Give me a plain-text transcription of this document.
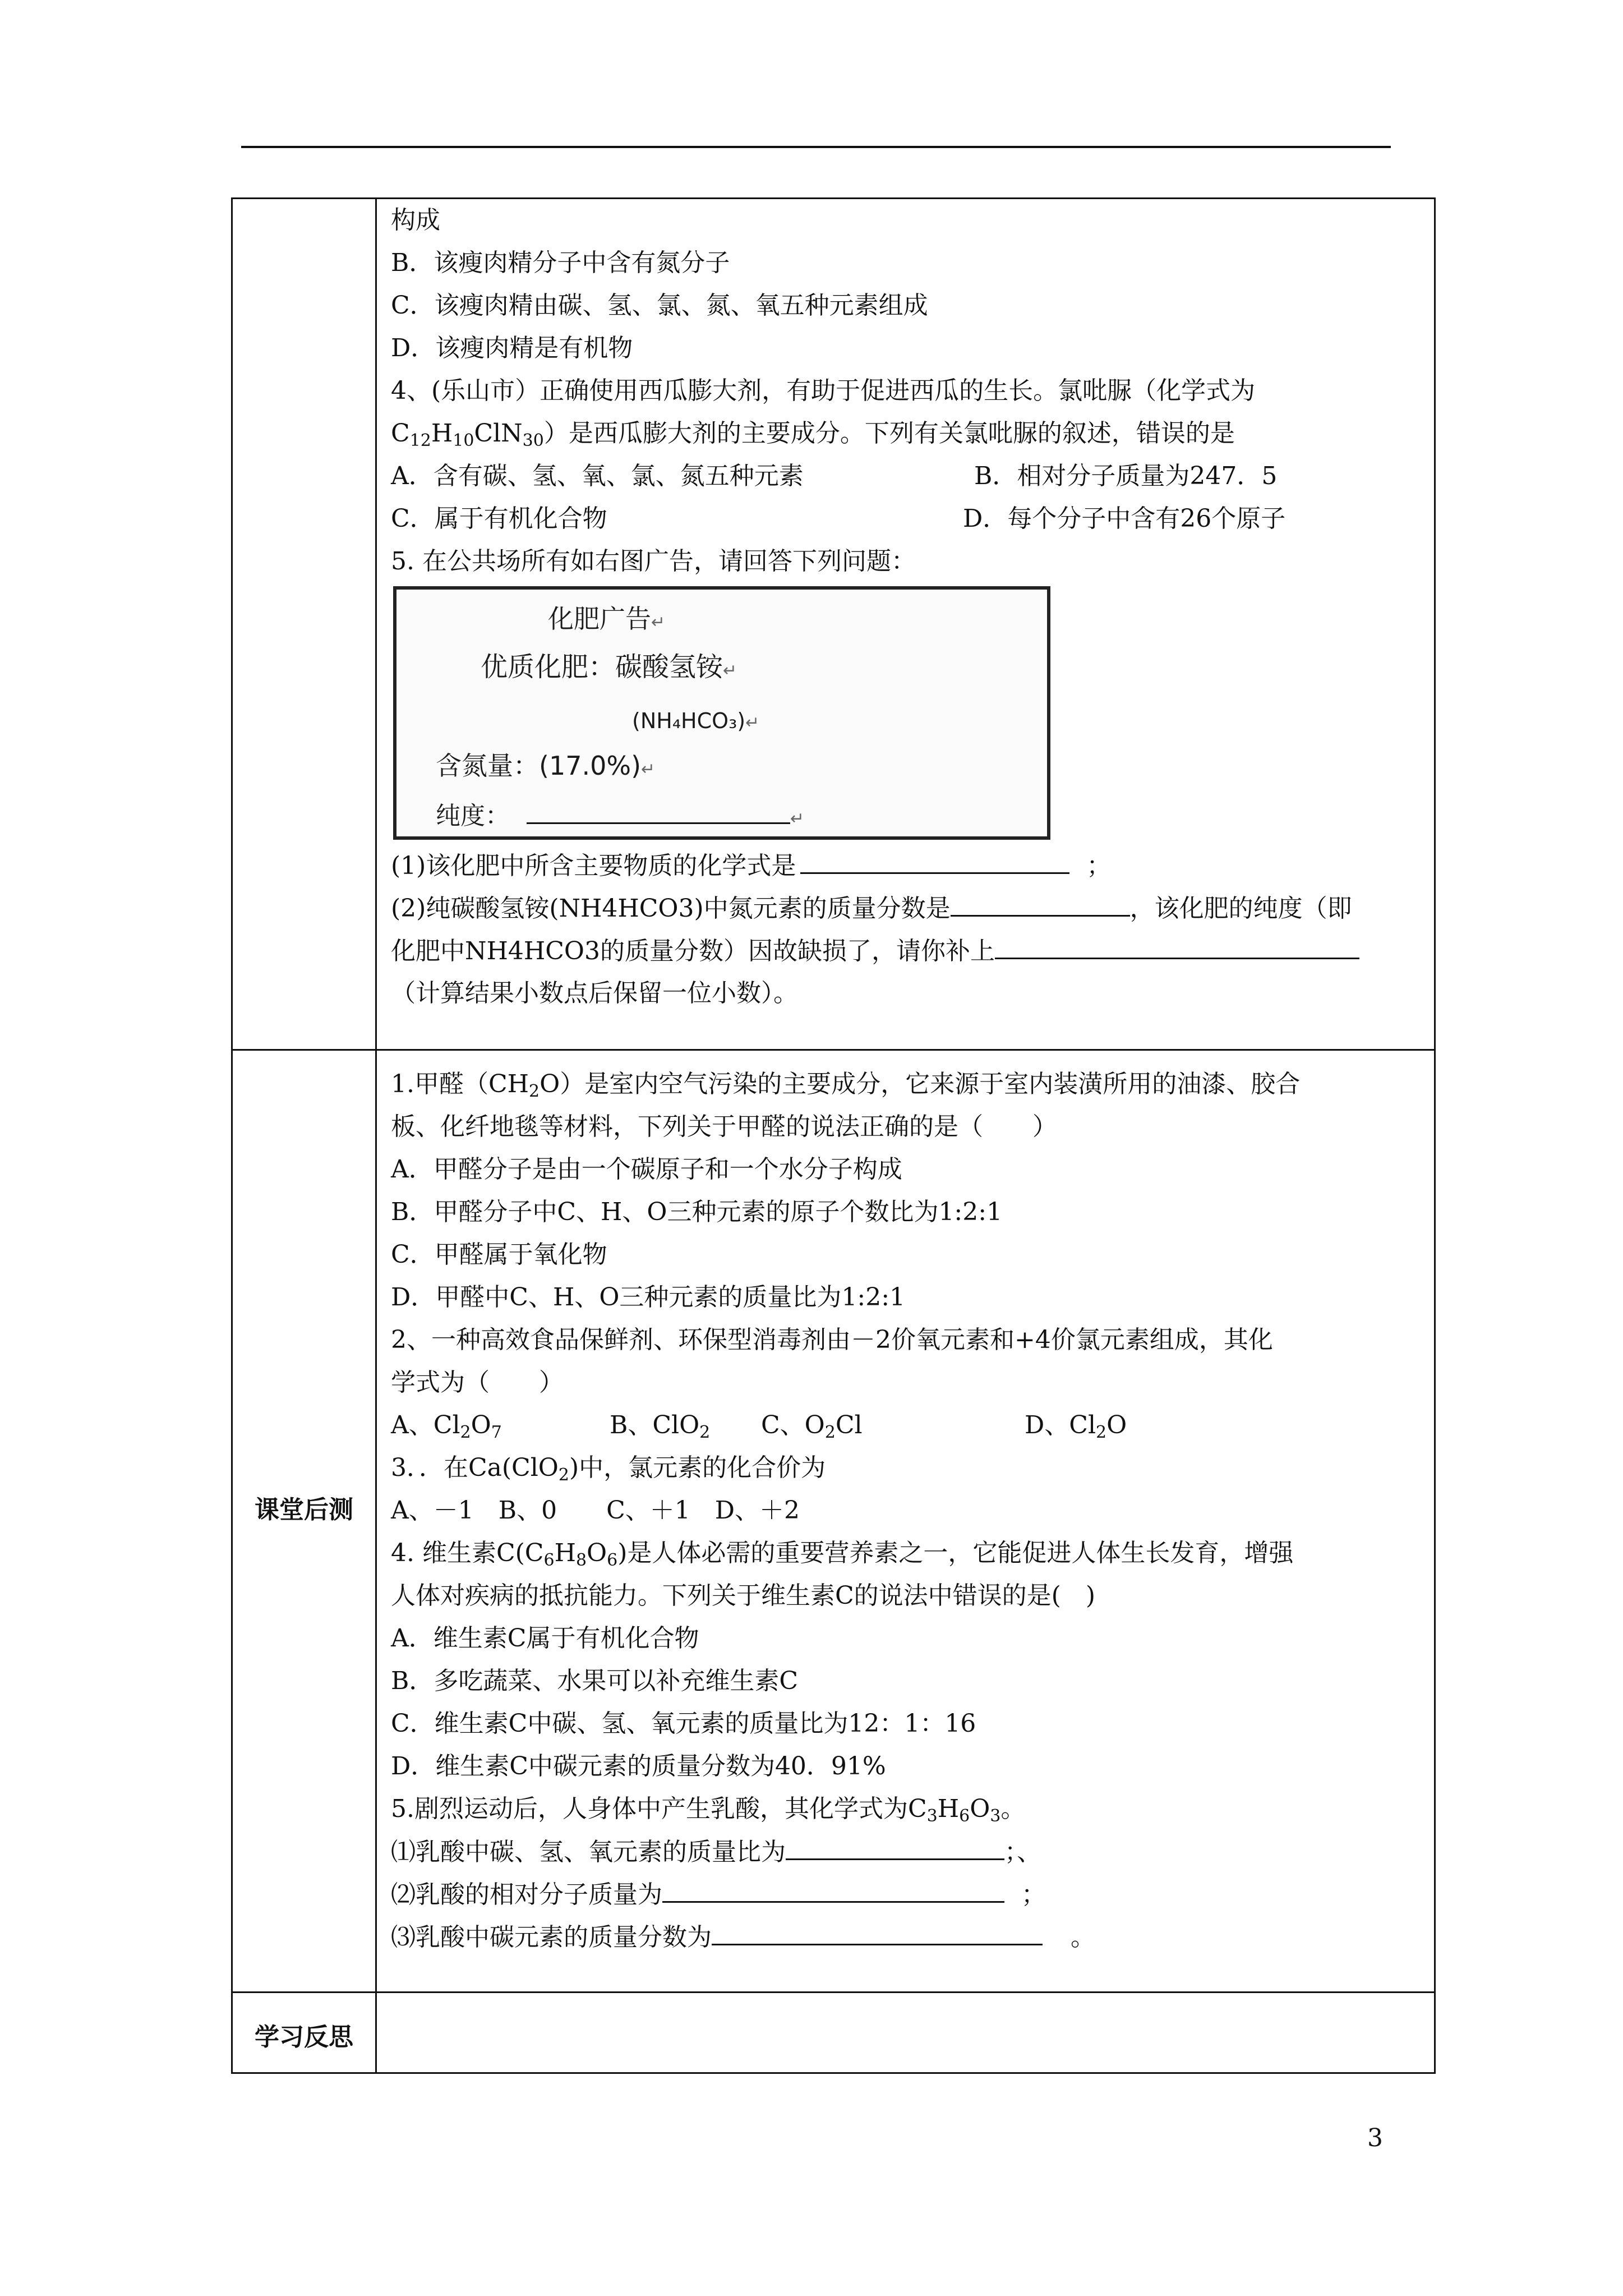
构成
B．该瘦肉精分子中含有氮分子
C．该瘦肉精由碳、氢、氯、氮、氧五种元素组成
D．该瘦肉精是有机物
4、(乐山市）正确使用西瓜膨大剂，有助于促进西瓜的生长。氯吡脲（化学式为
$C_{12}H_{10}ClN_{30}$）是西瓜膨大剂的主要成分。下列有关氯吡脲的叙述，错误的是
A．含有碳、氢、氧、氯、氮五种元素	B．相对分子质量为247．5
C．属于有机化合物	D．每个分子中含有26个原子
5. 在公共场所有如右图广告，请回答下列问题：
化肥广告↵
优质化肥：碳酸氢铵↵
(NH₄HCO₃)↵
含氮量：(17.0%)↵
纯度：	↵
(1)该化肥中所含主要物质的化学式是	；
(2)纯碳酸氢铵(NH4HCO3)中氮元素的质量分数是	，该化肥的纯度（即
化肥中NH4HCO3的质量分数）因故缺损了，请你补上
（计算结果小数点后保留一位小数）。
课堂后测
1.甲醛$(CH_2O)$是室内空气污染的主要成分，它来源于室内装潢所用的油漆、胶合
板、化纤地毯等材料，下列关于甲醛的说法正确的是（　　）
A．甲醛分子是由一个碳原子和一个水分子构成
B．甲醛分子中C、H、O三种元素的原子个数比为1:2:1
C．甲醛属于氧化物
D．甲醛中C、H、O三种元素的质量比为1:2:1
2、一种高效食品保鲜剂、环保型消毒剂由－2价氧元素和+4价氯元素组成，其化
学式为（　　）
A、$Cl_2O_7$	B、ClO$_2$ C、$O_2Cl$	D、$Cl_2O$
3．．在Ca(ClO$_2$)中，氯元素的化合价为
A、－1　B、0　　C、＋1　D、＋2
4. 维生素$C(C_6H_8O_6)$是人体必需的重要营养素之一，它能促进人体生长发育，增强
人体对疾病的抵抗能力。下列关于维生素C的说法中错误的是(　)
A．维生素C属于有机化合物
B．多吃蔬菜、水果可以补充维生素C
C．维生素C中碳、氢、氧元素的质量比为12：1：16
D．维生素C中碳元素的质量分数为40．91%
5.剧烈运动后，人身体中产生乳酸，其化学式为$C_3H_6O_3$。
⑴乳酸中碳、氢、氧元素的质量比为	；、
⑵乳酸的相对分子质量为	；
⑶乳酸中碳元素的质量分数为	。
学习反思
3
